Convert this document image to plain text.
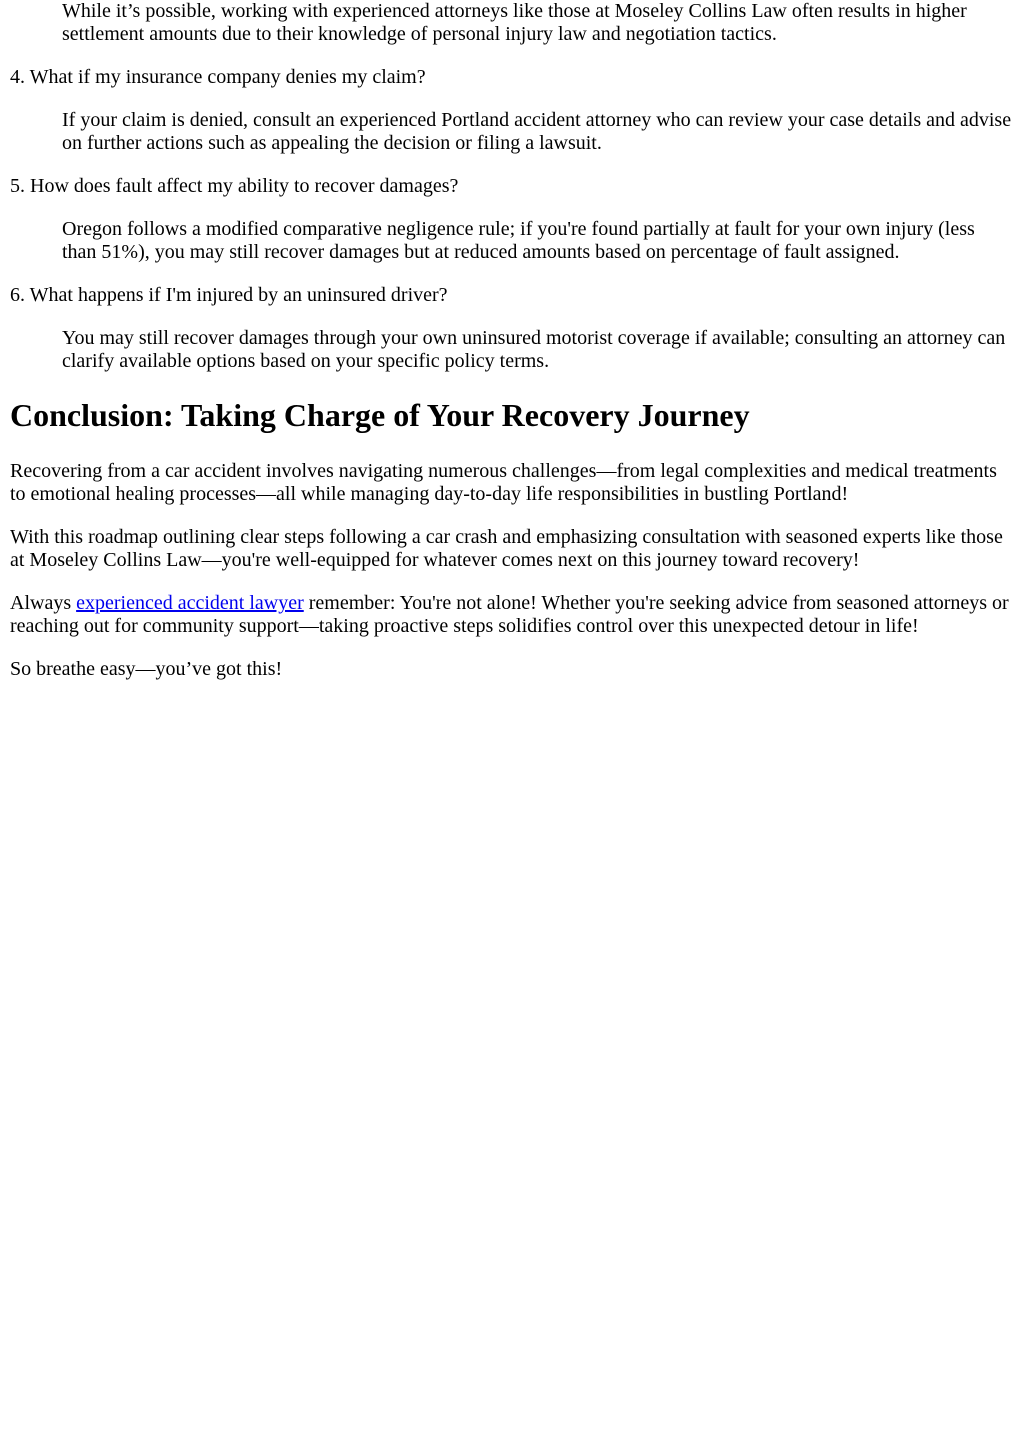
While it’s possible, working with experienced attorneys like those at Moseley Collins Law often results in higher settlement amounts due to their knowledge of personal injury law and negotiation tactics.

4. What if my insurance company denies my claim?

If your claim is denied, consult an experienced Portland accident attorney who can review your case details and advise on further actions such as appealing the decision or filing a lawsuit.

5. How does fault affect my ability to recover damages?

Oregon follows a modified comparative negligence rule; if you're found partially at fault for your own injury (less than 51%), you may still recover damages but at reduced amounts based on percentage of fault assigned.

6. What happens if I'm injured by an uninsured driver?

You may still recover damages through your own uninsured motorist coverage if available; consulting an attorney can clarify available options based on your specific policy terms.

Conclusion: Taking Charge of Your Recovery Journey

Recovering from a car accident involves navigating numerous challenges—from legal complexities and medical treatments to emotional healing processes—all while managing day-to-day life responsibilities in bustling Portland!

With this roadmap outlining clear steps following a car crash and emphasizing consultation with seasoned experts like those at Moseley Collins Law—you're well-equipped for whatever comes next on this journey toward recovery!

Always experienced accident lawyer remember: You're not alone! Whether you're seeking advice from seasoned attorneys or reaching out for community support—taking proactive steps solidifies control over this unexpected detour in life!

So breathe easy—you’ve got this!
